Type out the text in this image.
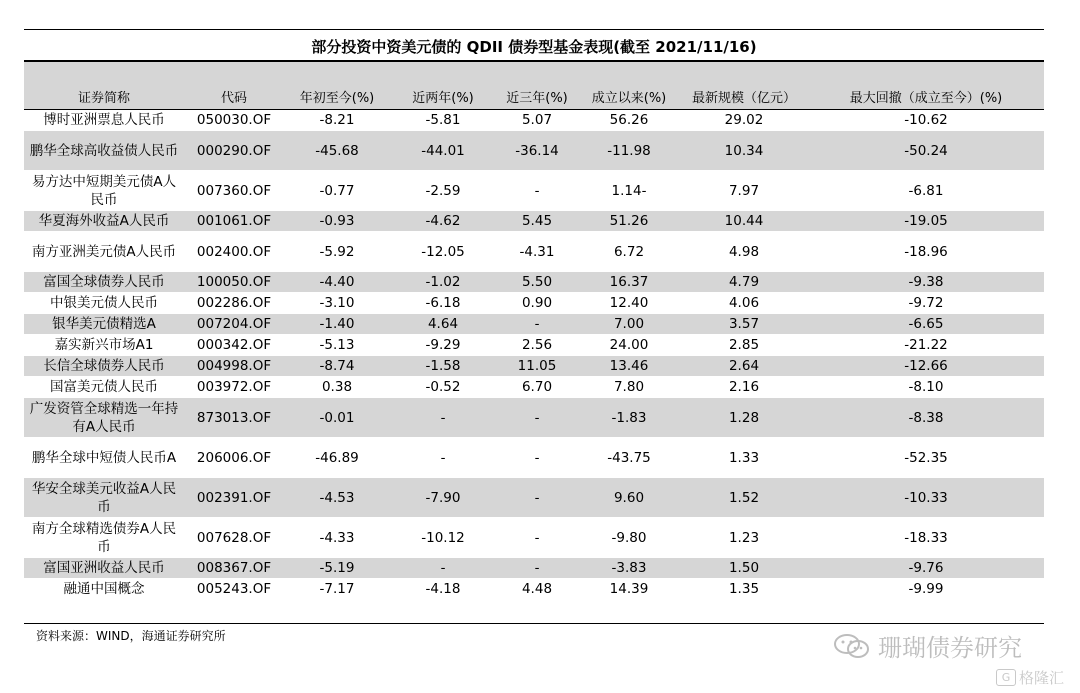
部分投资中资美元债的 QDII 债券型基金表现(截至 2021/11/16)
证券简称	代码	年初至今(%)	近两年(%)	近三年(%)	成立以来(%)	最新规模（亿元）	最大回撤（成立至今）(%)
博时亚洲票息人民币	050030.OF	-8.21	-5.81	5.07	56.26	29.02	-10.62
鹏华全球高收益债人民币	000290.OF	-45.68	-44.01	-36.14	-11.98	10.34	-50.24
易方达中短期美元债A人民币	007360.OF	-0.77	-2.59	-	1.14-	7.97	-6.81
华夏海外收益A人民币	001061.OF	-0.93	-4.62	5.45	51.26	10.44	-19.05
南方亚洲美元债A人民币	002400.OF	-5.92	-12.05	-4.31	6.72	4.98	-18.96
富国全球债券人民币	100050.OF	-4.40	-1.02	5.50	16.37	4.79	-9.38
中银美元债人民币	002286.OF	-3.10	-6.18	0.90	12.40	4.06	-9.72
银华美元债精选A	007204.OF	-1.40	4.64	-	7.00	3.57	-6.65
嘉实新兴市场A1	000342.OF	-5.13	-9.29	2.56	24.00	2.85	-21.22
长信全球债券人民币	004998.OF	-8.74	-1.58	11.05	13.46	2.64	-12.66
国富美元债人民币	003972.OF	0.38	-0.52	6.70	7.80	2.16	-8.10
广发资管全球精选一年持有A人民币	873013.OF	-0.01	-	-	-1.83	1.28	-8.38
鹏华全球中短债人民币A	206006.OF	-46.89	-	-	-43.75	1.33	-52.35
华安全球美元收益A人民币	002391.OF	-4.53	-7.90	-	9.60	1.52	-10.33
南方全球精选债券A人民币	007628.OF	-4.33	-10.12	-	-9.80	1.23	-18.33
富国亚洲收益人民币	008367.OF	-5.19	-	-	-3.83	1.50	-9.76
融通中国概念	005243.OF	-7.17	-4.18	4.48	14.39	1.35	-9.99
资料来源：WIND，海通证券研究所	珊瑚债券研究
G 格隆汇
